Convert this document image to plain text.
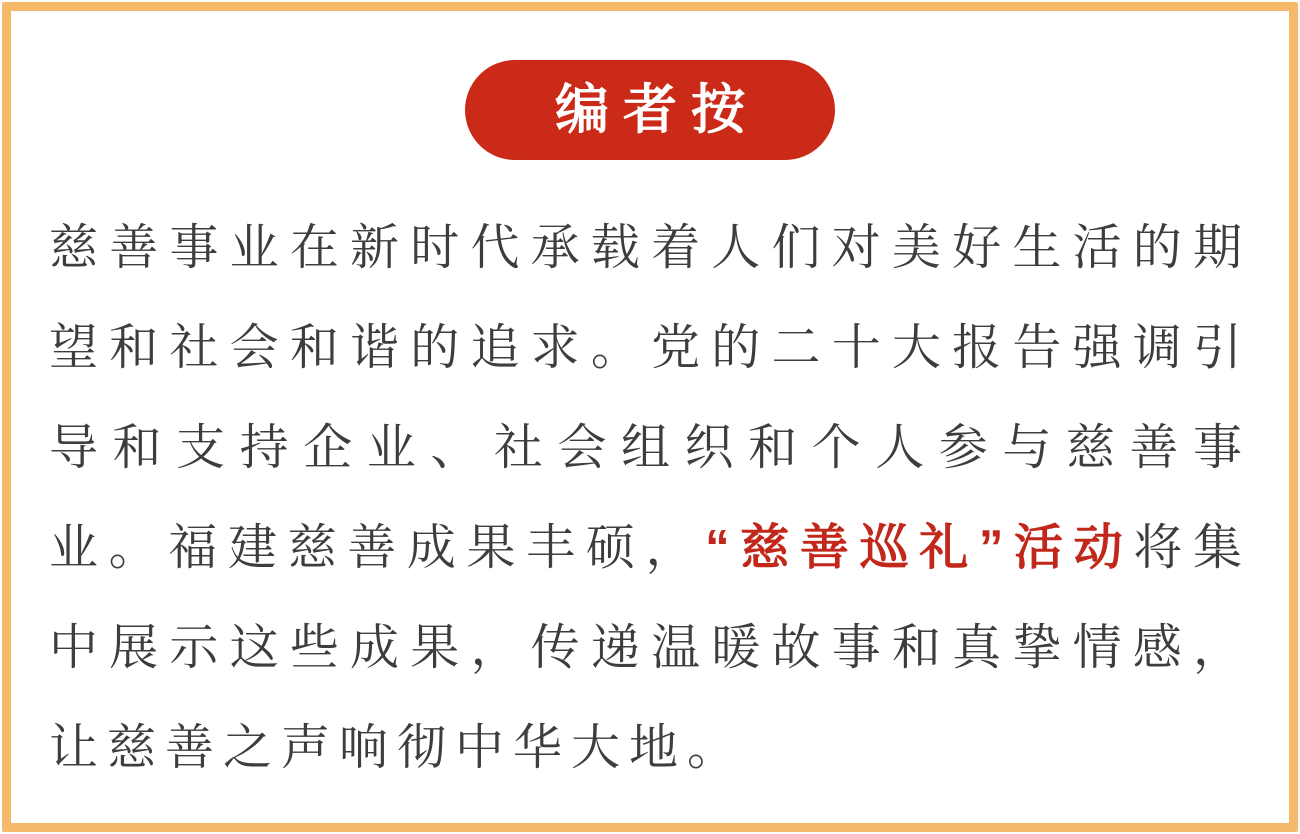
编者按

慈善事业在新时代承载着人们对美好生活的期望和社会和谐的追求。党的二十大报告强调引导和支持企业、社会组织和个人参与慈善事业。福建慈善成果丰硕，“慈善巡礼”活动将集中展示这些成果，传递温暖故事和真挚情感，让慈善之声响彻中华大地。
